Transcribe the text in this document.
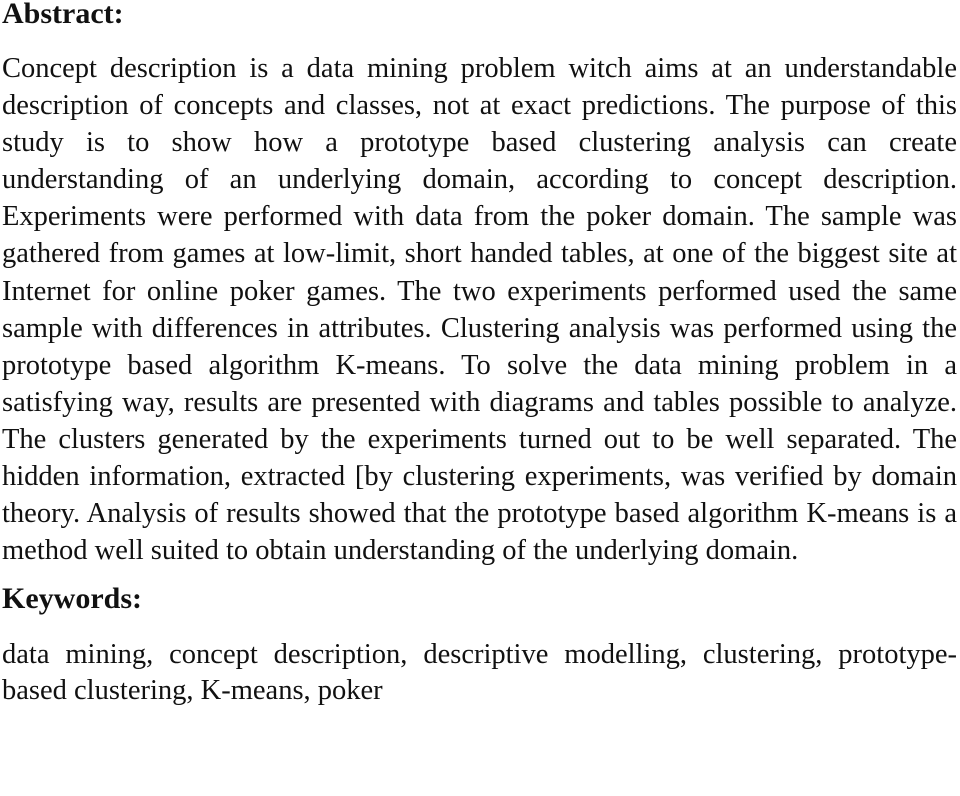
Abstract:

Concept description is a data mining problem witch aims at an understandable description of concepts and classes, not at exact predictions. The purpose of this study is to show how a prototype based clustering analysis can create understanding of an underlying domain, according to concept description. Experiments were performed with data from the poker domain. The sample was gathered from games at low-limit, short handed tables, at one of the biggest site at Internet for online poker games. The two experiments performed used the same sample with differences in attributes. Clustering analysis was performed using the prototype based algorithm K-means. To solve the data mining problem in a satisfying way, results are presented with diagrams and tables possible to analyze. The clusters generated by the experiments turned out to be well separated. The hidden information, extracted [by clustering experiments, was verified by domain theory. Analysis of results showed that the prototype based algorithm K-means is a method well suited to obtain understanding of the underlying domain.

Keywords:

data mining, concept description, descriptive modelling, clustering, prototype-based clustering, K-means, poker
